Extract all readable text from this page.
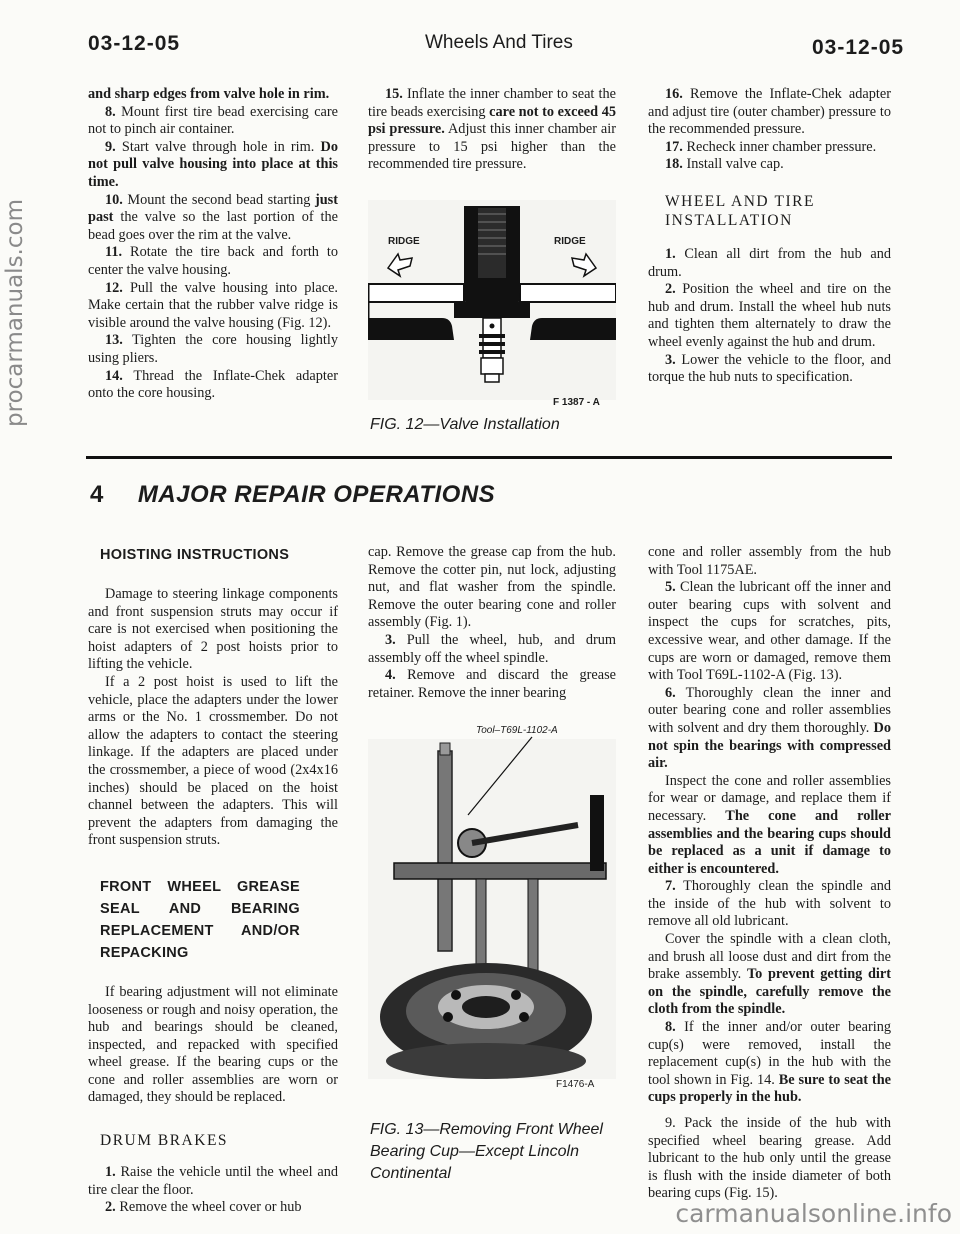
03-12-05	Wheels And Tires	03-12-05
procarmanuals.com

and sharp edges from valve hole in rim.

8. Mount first tire bead exercising care not to pinch air container.

9. Start valve through hole in rim. Do not pull valve housing into place at this time.

10. Mount the second bead starting just past the valve so the last portion of the bead goes over the rim at the valve.

11. Rotate the tire back and forth to center the valve housing.

12. Pull the valve housing into place. Make certain that the rubber valve ridge is visible around the valve housing (Fig. 12).

13. Tighten the core housing lightly using pliers.

14. Thread the Inflate-Chek adapter onto the core housing.

15. Inflate the inner chamber to seat the tire beads exercising care not to exceed 45 psi pressure. Adjust this inner chamber air pressure to 15 psi higher than the recommended tire pressure.

RIDGE	RIDGE
F 1387 - A
FIG. 12—Valve Installation

16. Remove the Inflate-Chek adapter and adjust tire (outer chamber) pressure to the recommended pressure.

17. Recheck inner chamber pressure.

18. Install valve cap.

WHEEL AND TIRE INSTALLATION

1. Clean all dirt from the hub and drum.

2. Position the wheel and tire on the hub and drum. Install the wheel hub nuts and tighten them alternately to draw the wheel evenly against the hub and drum.

3. Lower the vehicle to the floor, and torque the hub nuts to specification.

4 MAJOR REPAIR OPERATIONS

HOISTING INSTRUCTIONS

Damage to steering linkage components and front suspension struts may occur if care is not exercised when positioning the hoist adapters of 2 post hoists prior to lifting the vehicle.

If a 2 post hoist is used to lift the vehicle, place the adapters under the lower arms or the No. 1 crossmember. Do not allow the adapters to contact the steering linkage. If the adapters are placed under the crossmember, a piece of wood (2x4x16 inches) should be placed on the hoist channel between the adapters. This will prevent the adapters from damaging the front suspension struts.

FRONT WHEEL GREASE SEAL AND BEARING REPLACEMENT AND/OR REPACKING

If bearing adjustment will not eliminate looseness or rough and noisy operation, the hub and bearings should be cleaned, inspected, and repacked with specified wheel grease. If the bearing cups or the cone and roller assemblies are worn or damaged, they should be replaced.

DRUM BRAKES

1. Raise the vehicle until the wheel and tire clear the floor.

2. Remove the wheel cover or hub

cap. Remove the grease cap from the hub. Remove the cotter pin, nut lock, adjusting nut, and flat washer from the spindle. Remove the outer bearing cone and roller assembly (Fig. 1).

3. Pull the wheel, hub, and drum assembly off the wheel spindle.

4. Remove and discard the grease retainer. Remove the inner bearing

Tool–T69L-1102-A
F1476-A
FIG. 13—Removing Front Wheel Bearing Cup—Except Lincoln Continental

cone and roller assembly from the hub with Tool 1175AE.

5. Clean the lubricant off the inner and outer bearing cups with solvent and inspect the cups for scratches, pits, excessive wear, and other damage. If the cups are worn or damaged, remove them with Tool T69L-1102-A (Fig. 13).

6. Thoroughly clean the inner and outer bearing cone and roller assemblies with solvent and dry them thoroughly. Do not spin the bearings with compressed air.

Inspect the cone and roller assemblies for wear or damage, and replace them if necessary. The cone and roller assemblies and the bearing cups should be replaced as a unit if damage to either is encountered.

7. Thoroughly clean the spindle and the inside of the hub with solvent to remove all old lubricant.

Cover the spindle with a clean cloth, and brush all loose dust and dirt from the brake assembly. To prevent getting dirt on the spindle, carefully remove the cloth from the spindle.

8. If the inner and/or outer bearing cup(s) were removed, install the replacement cup(s) in the hub with the tool shown in Fig. 14. Be sure to seat the cups properly in the hub.

9. Pack the inside of the hub with specified wheel bearing grease. Add lubricant to the hub only until the grease is flush with the inside diameter of both bearing cups (Fig. 15).

carmanualsonline.info
